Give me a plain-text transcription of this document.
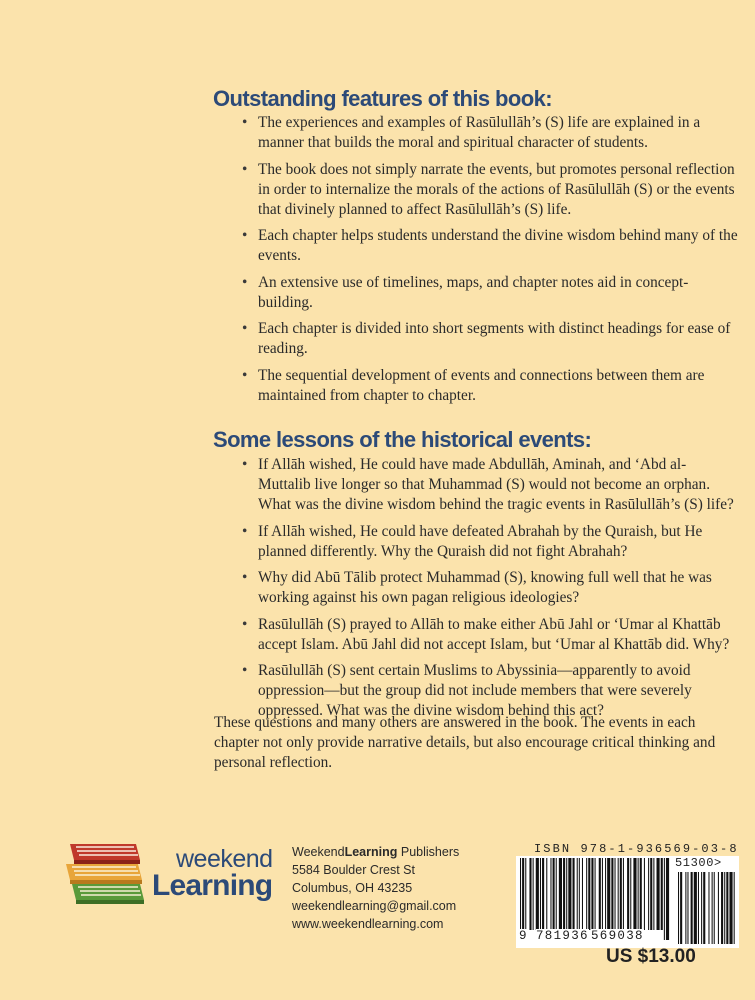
Outstanding features of this book:
• The experiences and examples of Rasūlullāh’s (S) life are explained in a manner that builds the moral and spiritual character of students.
• The book does not simply narrate the events, but promotes personal reflection in order to internalize the morals of the actions of Rasūlullāh (S) or the events that divinely planned to affect Rasūlullāh’s (S) life.
• Each chapter helps students understand the divine wisdom behind many of the events.
• An extensive use of timelines, maps, and chapter notes aid in concept-building.
• Each chapter is divided into short segments with distinct headings for ease of reading.
• The sequential development of events and connections between them are maintained from chapter to chapter.
Some lessons of the historical events:
• If Allāh wished, He could have made Abdullāh, Aminah, and ‘Abd al-Muttalib live longer so that Muhammad (S) would not become an orphan. What was the divine wisdom behind the tragic events in Rasūlullāh’s (S) life?
• If Allāh wished, He could have defeated Abrahah by the Quraish, but He planned differently. Why the Quraish did not fight Abrahah?
• Why did Abū Tālib protect Muhammad (S), knowing full well that he was working against his own pagan religious ideologies?
• Rasūlullāh (S) prayed to Allāh to make either Abū Jahl or ‘Umar al Khattāb accept Islam. Abū Jahl did not accept Islam, but ‘Umar al Khattāb did. Why?
• Rasūlullāh (S) sent certain Muslims to Abyssinia—apparently to avoid oppression—but the group did not include members that were severely oppressed. What was the divine wisdom behind this act?

These questions and many others are answered in the book. The events in each chapter not only provide narrative details, but also encourage critical thinking and personal reflection.

weekend
Learning
WeekendLearning Publishers
5584 Boulder Crest St
Columbus, OH 43235
weekendlearning@gmail.com
www.weekendlearning.com
ISBN 978-1-936569-03-8
51300>
9 781936 569038
US $13.00
